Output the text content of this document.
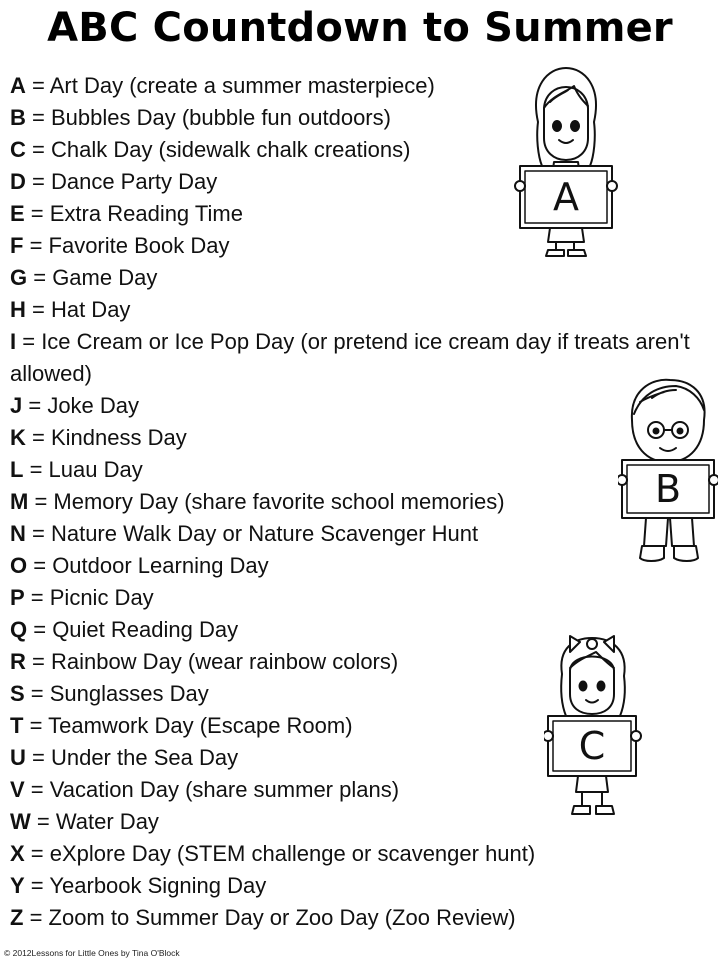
ABC Countdown to Summer
A = Art Day (create a summer masterpiece)
B = Bubbles Day (bubble fun outdoors)
C = Chalk Day (sidewalk chalk creations)
D = Dance Party Day
E = Extra Reading Time
F = Favorite Book Day
G = Game Day
H = Hat Day
I = Ice Cream or Ice Pop Day (or pretend ice cream day if treats aren't allowed)
J = Joke Day
K = Kindness Day
L = Luau Day
M = Memory Day (share favorite school memories)
N = Nature Walk Day or Nature Scavenger Hunt
O = Outdoor Learning Day
P = Picnic Day
Q = Quiet Reading Day
R = Rainbow Day (wear rainbow colors)
S = Sunglasses Day
T = Teamwork Day (Escape Room)
U = Under the Sea Day
V = Vacation Day (share summer plans)
W = Water Day
X = eXplore Day (STEM challenge or scavenger hunt)
Y = Yearbook Signing Day
Z = Zoom to Summer Day or Zoo Day (Zoo Review)
A
B
C
© 2012Lessons for Little Ones by Tina O'Block
